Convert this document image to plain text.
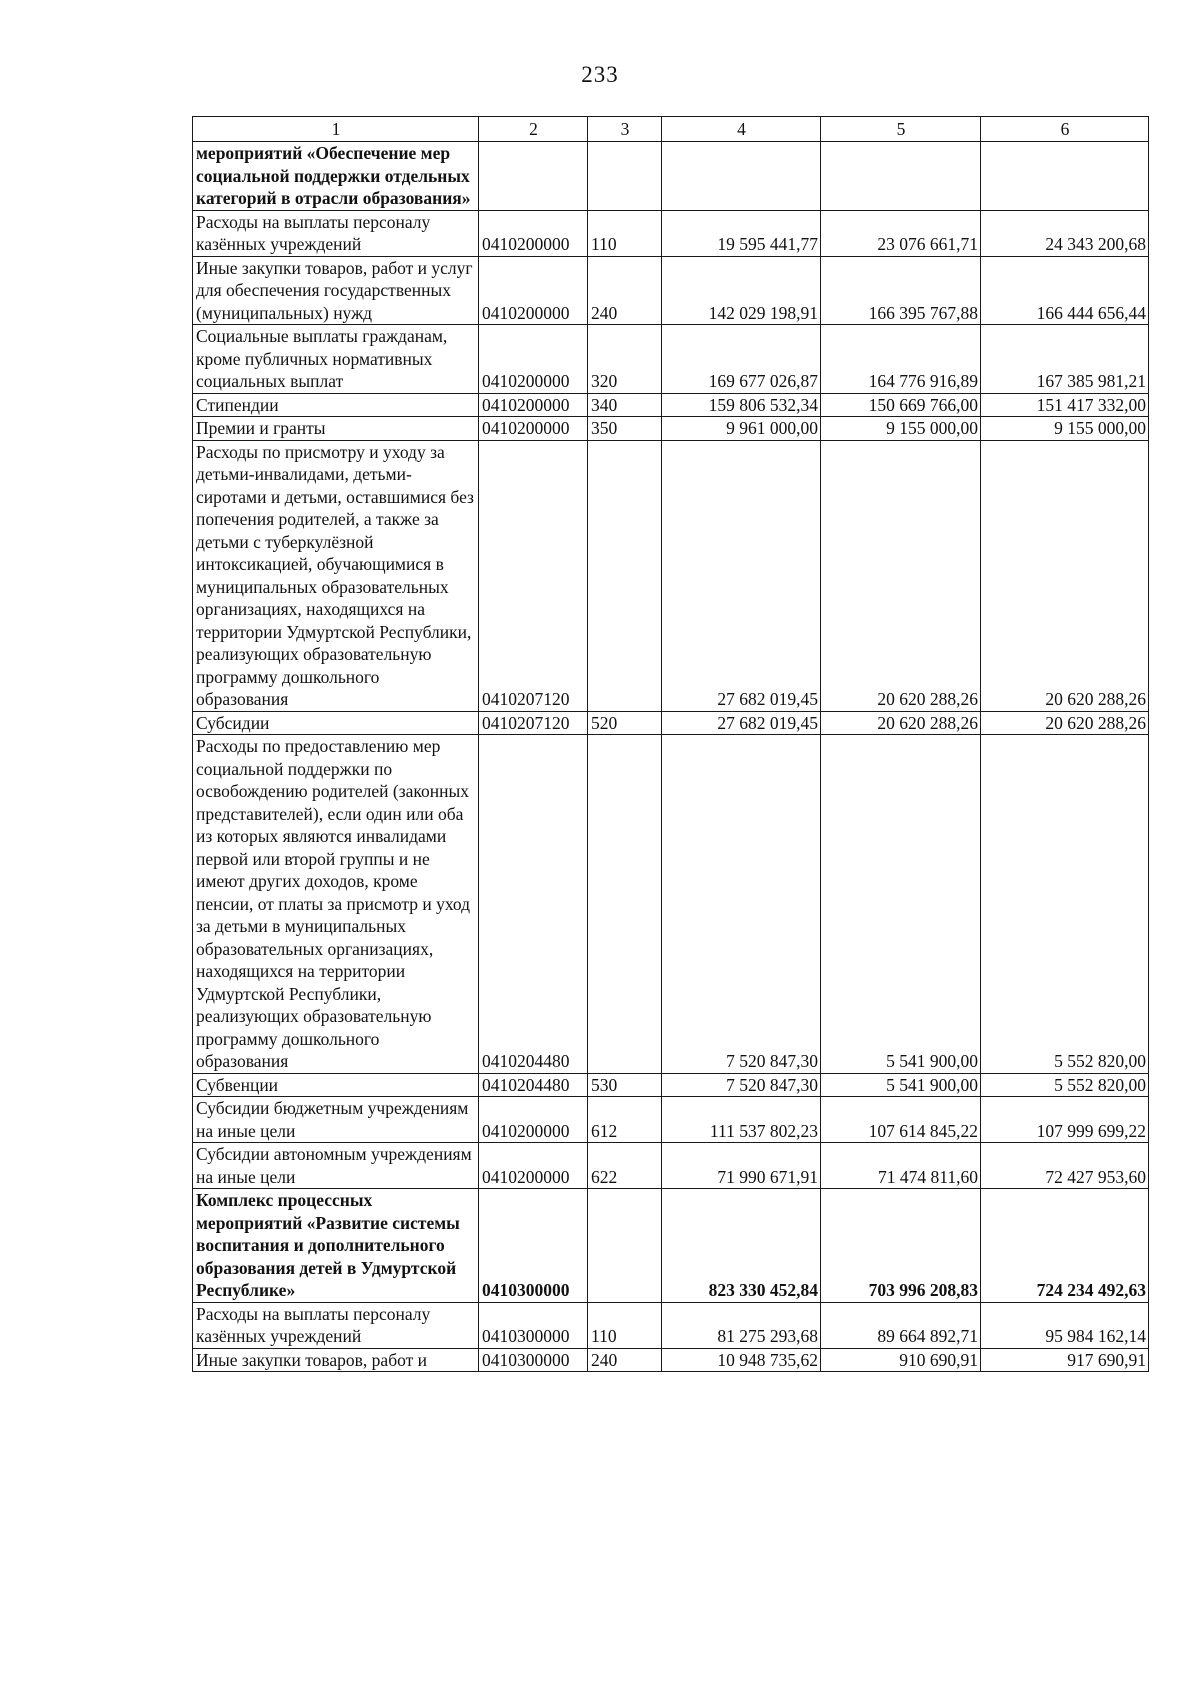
233
1	2	3	4	5	6
мероприятий «Обеспечение мер социальной поддержки отдельных категорий в отрасли образования»					
Расходы на выплаты персоналу казённых учреждений	0410200000	110	19 595 441,77	23 076 661,71	24 343 200,68
Иные закупки товаров, работ и услуг для обеспечения государственных (муниципальных) нужд	0410200000	240	142 029 198,91	166 395 767,88	166 444 656,44
Социальные выплаты гражданам, кроме публичных нормативных социальных выплат	0410200000	320	169 677 026,87	164 776 916,89	167 385 981,21
Стипендии	0410200000	340	159 806 532,34	150 669 766,00	151 417 332,00
Премии и гранты	0410200000	350	9 961 000,00	9 155 000,00	9 155 000,00
Расходы по присмотру и уходу за детьми-инвалидами, детьми-сиротами и детьми, оставшимися без попечения родителей, а также за детьми с туберкулёзной интоксикацией, обучающимися в муниципальных образовательных организациях, находящихся на территории Удмуртской Республики, реализующих образовательную программу дошкольного образования	0410207120		27 682 019,45	20 620 288,26	20 620 288,26
Субсидии	0410207120	520	27 682 019,45	20 620 288,26	20 620 288,26
Расходы по предоставлению мер социальной поддержки по освобождению родителей (законных представителей), если один или оба из которых являются инвалидами первой или второй группы и не имеют других доходов, кроме пенсии, от платы за присмотр и уход за детьми в муниципальных образовательных организациях, находящихся на территории Удмуртской Республики, реализующих образовательную программу дошкольного образования	0410204480		7 520 847,30	5 541 900,00	5 552 820,00
Субвенции	0410204480	530	7 520 847,30	5 541 900,00	5 552 820,00
Субсидии бюджетным учреждениям на иные цели	0410200000	612	111 537 802,23	107 614 845,22	107 999 699,22
Субсидии автономным учреждениям на иные цели	0410200000	622	71 990 671,91	71 474 811,60	72 427 953,60
Комплекс процессных мероприятий «Развитие системы воспитания и дополнительного образования детей в Удмуртской Республике»	0410300000		823 330 452,84	703 996 208,83	724 234 492,63
Расходы на выплаты персоналу казённых учреждений	0410300000	110	81 275 293,68	89 664 892,71	95 984 162,14
Иные закупки товаров, работ и	0410300000	240	10 948 735,62	910 690,91	917 690,91
